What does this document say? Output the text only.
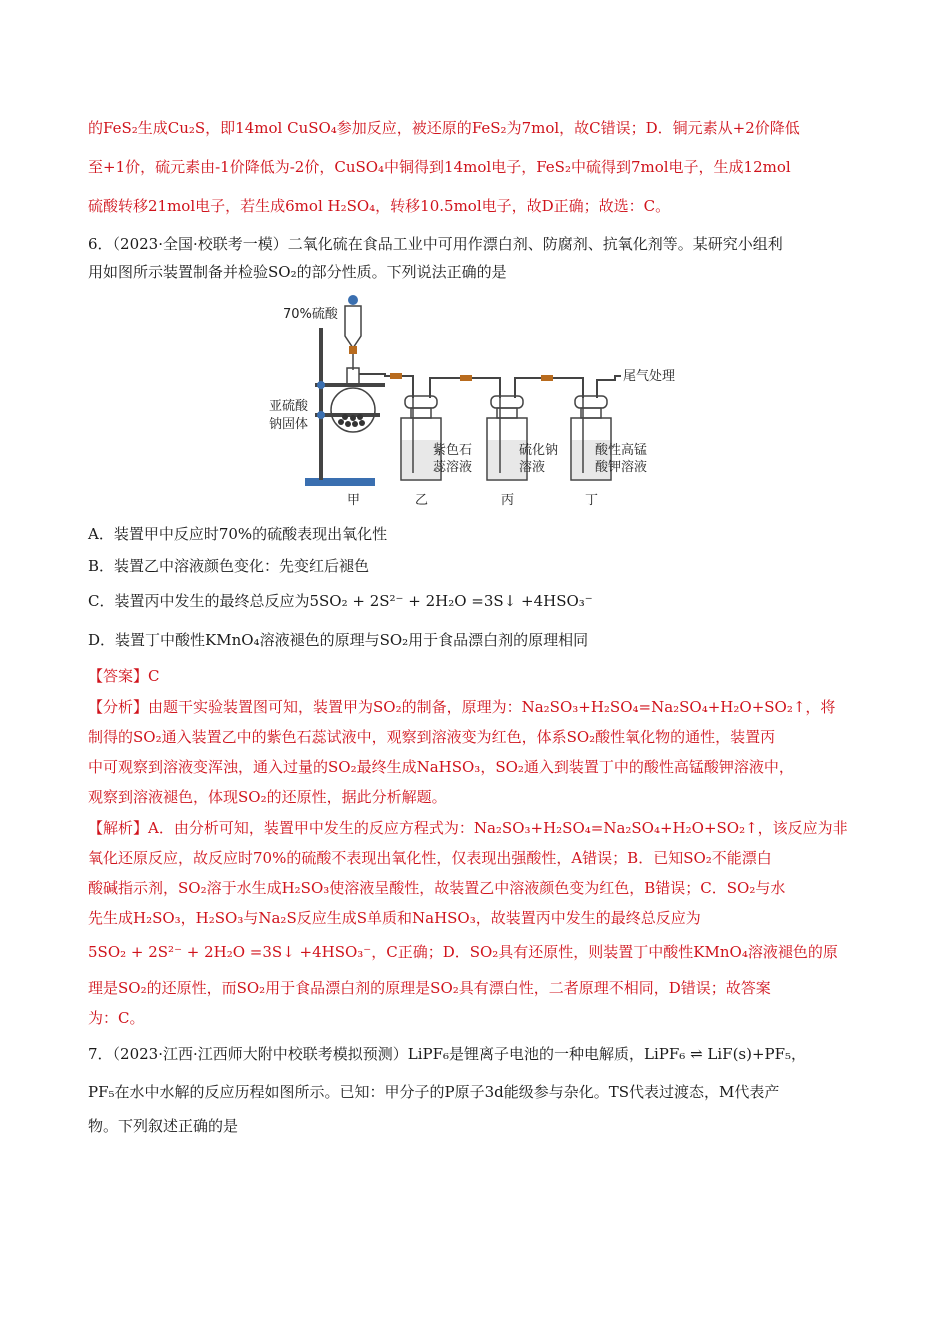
的FeS₂生成Cu₂S，即14mol CuSO₄参加反应，被还原的FeS₂为7mol，故C错误；D．铜元素从+2价降低
至+1价，硫元素由-1价降低为-2价，CuSO₄中铜得到14mol电子，FeS₂中硫得到7mol电子，生成12mol
硫酸转移21mol电子，若生成6mol H₂SO₄，转移10.5mol电子，故D正确；故选：C。
6．（2023·全国·校联考一模）二氧化硫在食品工业中可用作漂白剂、防腐剂、抗氧化剂等。某研究小组利
用如图所示装置制备并检验SO₂的部分性质。下列说法正确的是
70%硫酸
亚硫酸
钠固体
尾气处理
紫色石
蕊溶液
硫化钠
溶液
酸性高锰
酸钾溶液
甲	乙	丙	丁
A．装置甲中反应时70%的硫酸表现出氧化性
B．装置乙中溶液颜色变化：先变红后褪色
C．装置丙中发生的最终总反应为5SO₂ + 2S²⁻ + 2H₂O =3S↓ +4HSO₃⁻
D．装置丁中酸性KMnO₄溶液褪色的原理与SO₂用于食品漂白剂的原理相同
【答案】C
【分析】由题干实验装置图可知，装置甲为SO₂的制备，原理为：Na₂SO₃+H₂SO₄=Na₂SO₄+H₂O+SO₂↑，将
制得的SO₂通入装置乙中的紫色石蕊试液中，观察到溶液变为红色，体系SO₂酸性氧化物的通性，装置丙
中可观察到溶液变浑浊，通入过量的SO₂最终生成NaHSO₃，SO₂通入到装置丁中的酸性高锰酸钾溶液中，
观察到溶液褪色，体现SO₂的还原性，据此分析解题。
【解析】A．由分析可知，装置甲中发生的反应方程式为：Na₂SO₃+H₂SO₄=Na₂SO₄+H₂O+SO₂↑，该反应为非
氧化还原反应，故反应时70%的硫酸不表现出氧化性，仅表现出强酸性，A错误；B．已知SO₂不能漂白
酸碱指示剂，SO₂溶于水生成H₂SO₃使溶液呈酸性，故装置乙中溶液颜色变为红色，B错误；C．SO₂与水
先生成H₂SO₃，H₂SO₃与Na₂S反应生成S单质和NaHSO₃，故装置丙中发生的最终总反应为
5SO₂ + 2S²⁻ + 2H₂O =3S↓ +4HSO₃⁻，C正确；D．SO₂具有还原性，则装置丁中酸性KMnO₄溶液褪色的原
理是SO₂的还原性，而SO₂用于食品漂白剂的原理是SO₂具有漂白性，二者原理不相同，D错误；故答案
为：C。
7．（2023·江西·江西师大附中校联考模拟预测）LiPF₆是锂离子电池的一种电解质，LiPF₆ ⇌ LiF(s)+PF₅，
PF₅在水中水解的反应历程如图所示。已知：甲分子的P原子3d能级参与杂化。TS代表过渡态，M代表产
物。下列叙述正确的是
